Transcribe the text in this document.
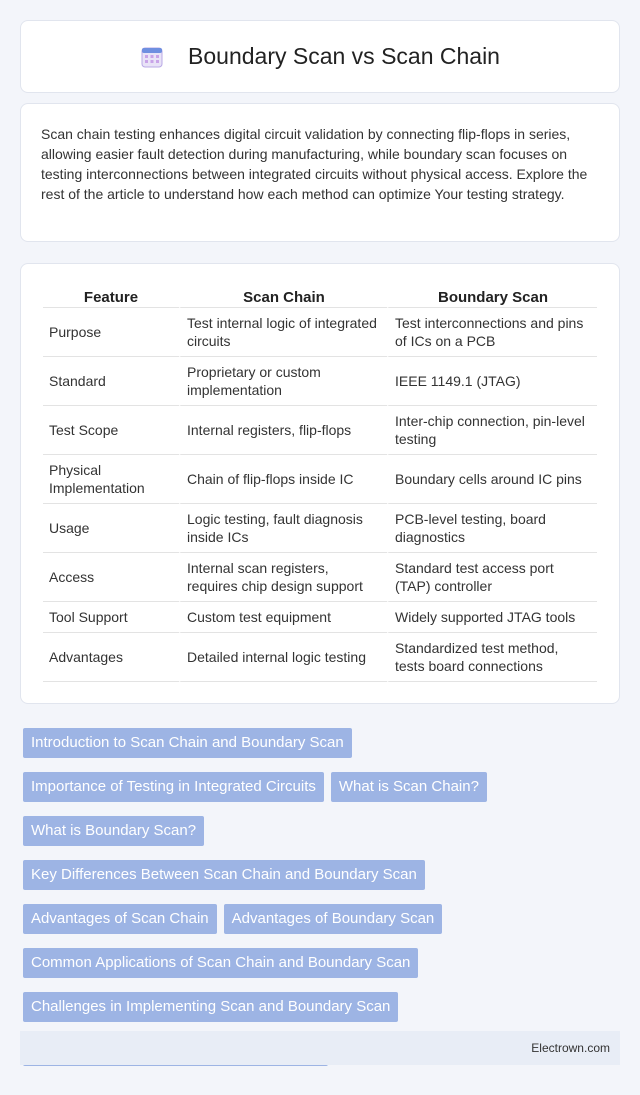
Boundary Scan vs Scan Chain

Scan chain testing enhances digital circuit validation by connecting flip-flops in series, allowing easier fault detection during manufacturing, while boundary scan focuses on testing interconnections between integrated circuits without physical access. Explore the rest of the article to understand how each method can optimize Your testing strategy.

Feature	Scan Chain	Boundary Scan
Purpose	Test internal logic of integrated circuits	Test interconnections and pins of ICs on a PCB
Standard	Proprietary or custom implementation	IEEE 1149.1 (JTAG)
Test Scope	Internal registers, flip-flops	Inter-chip connection, pin-level testing
Physical Implementation	Chain of flip-flops inside IC	Boundary cells around IC pins
Usage	Logic testing, fault diagnosis inside ICs	PCB-level testing, board diagnostics
Access	Internal scan registers, requires chip design support	Standard test access port (TAP) controller
Tool Support	Custom test equipment	Widely supported JTAG tools
Advantages	Detailed internal logic testing	Standardized test method, tests board connections
Introduction to Scan Chain and Boundary Scan
Importance of Testing in Integrated Circuits	What is Scan Chain?
What is Boundary Scan?
Key Differences Between Scan Chain and Boundary Scan
Advantages of Scan Chain	Advantages of Boundary Scan
Common Applications of Scan Chain and Boundary Scan
Challenges in Implementing Scan and Boundary Scan
Electrown.com
